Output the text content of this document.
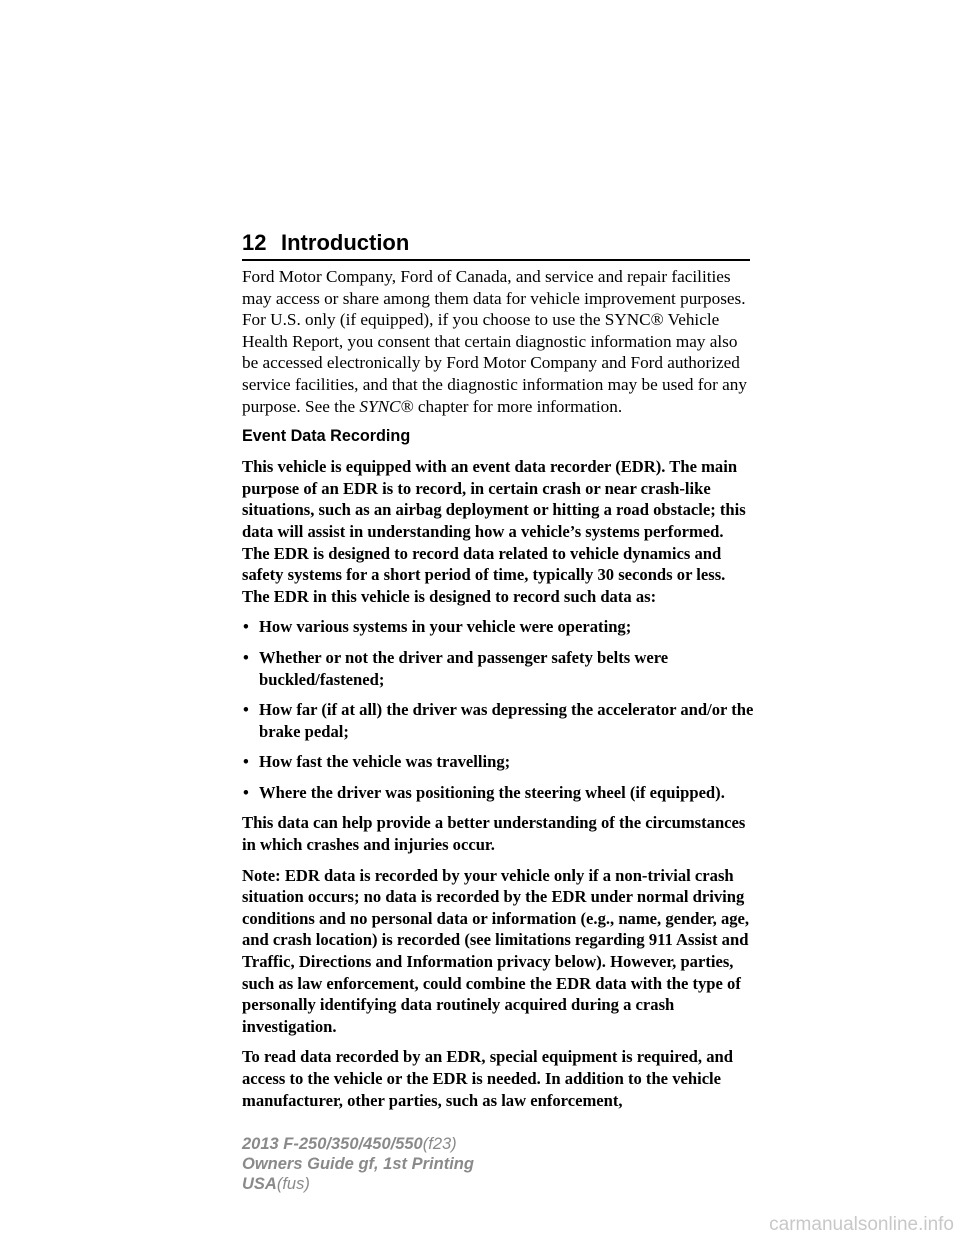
12 Introduction

Ford Motor Company, Ford of Canada, and service and repair facilities may access or share among them data for vehicle improvement purposes. For U.S. only (if equipped), if you choose to use the SYNC® Vehicle Health Report, you consent that certain diagnostic information may also be accessed electronically by Ford Motor Company and Ford authorized service facilities, and that the diagnostic information may be used for any purpose. See the SYNC® chapter for more information.

Event Data Recording

This vehicle is equipped with an event data recorder (EDR). The main purpose of an EDR is to record, in certain crash or near crash-like situations, such as an airbag deployment or hitting a road obstacle; this data will assist in understanding how a vehicle’s systems performed. The EDR is designed to record data related to vehicle dynamics and safety systems for a short period of time, typically 30 seconds or less. The EDR in this vehicle is designed to record such data as:

• How various systems in your vehicle were operating;
• Whether or not the driver and passenger safety belts were buckled/fastened;
• How far (if at all) the driver was depressing the accelerator and/or the brake pedal;
• How fast the vehicle was travelling;
• Where the driver was positioning the steering wheel (if equipped).

This data can help provide a better understanding of the circumstances in which crashes and injuries occur.

Note: EDR data is recorded by your vehicle only if a non-trivial crash situation occurs; no data is recorded by the EDR under normal driving conditions and no personal data or information (e.g., name, gender, age, and crash location) is recorded (see limitations regarding 911 Assist and Traffic, Directions and Information privacy below). However, parties, such as law enforcement, could combine the EDR data with the type of personally identifying data routinely acquired during a crash investigation.

To read data recorded by an EDR, special equipment is required, and access to the vehicle or the EDR is needed. In addition to the vehicle manufacturer, other parties, such as law enforcement,

2013 F-250/350/450/550(f23)
Owners Guide gf, 1st Printing
USA(fus)
carmanualsonline.info
